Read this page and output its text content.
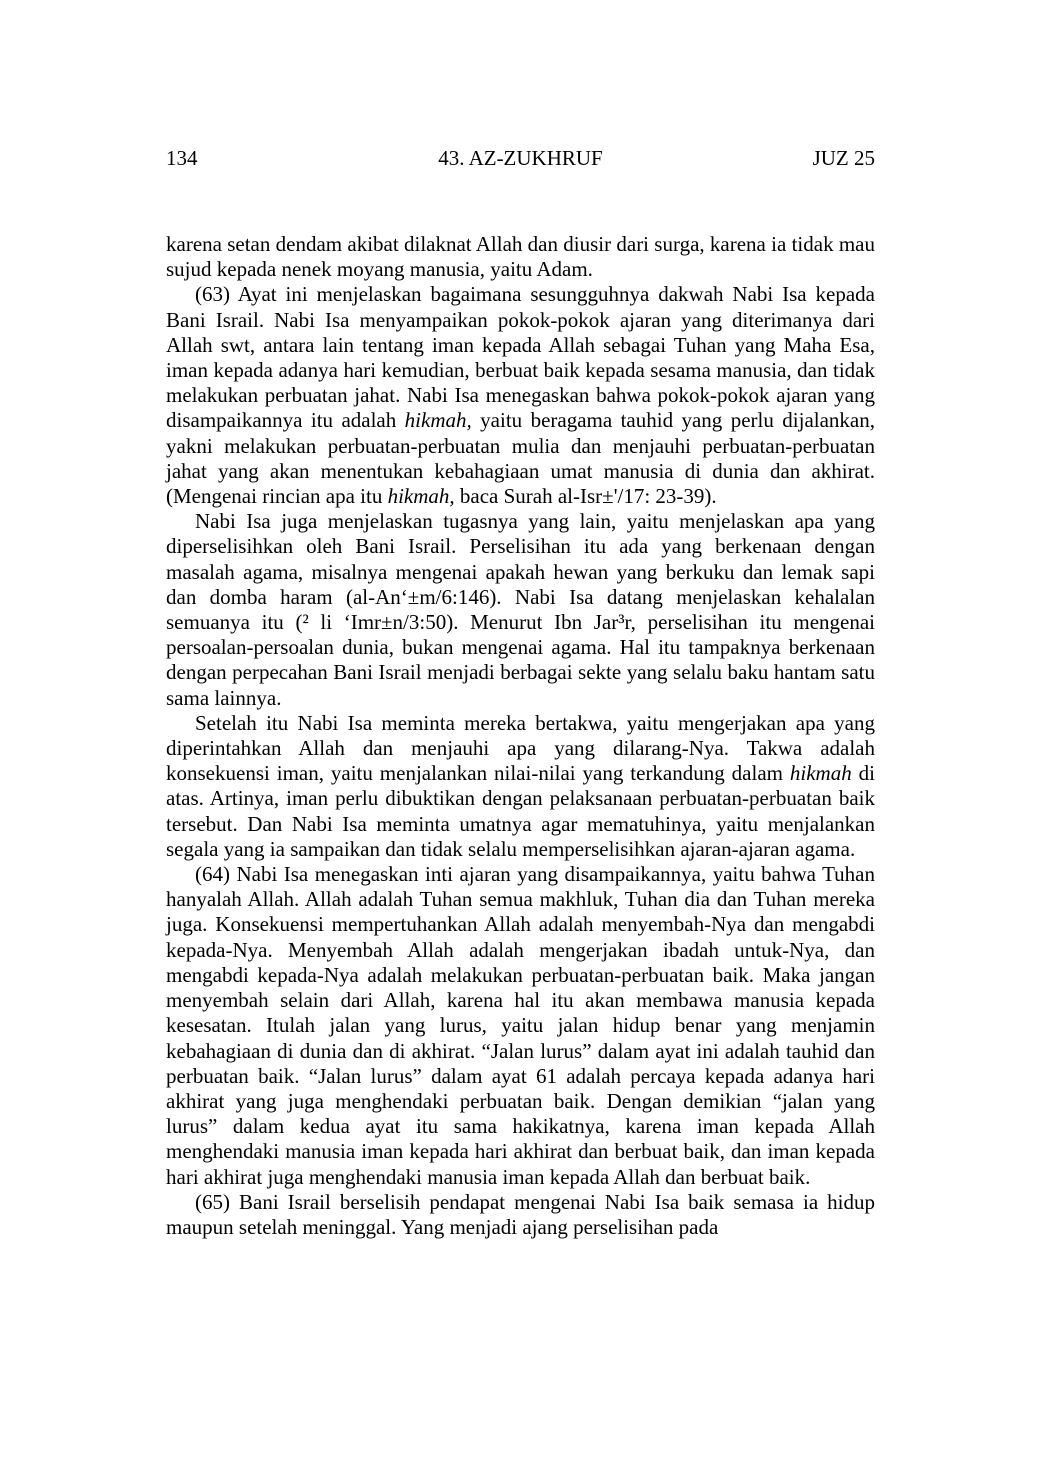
134	43. AZ-ZUKHRUF	JUZ 25

karena setan dendam akibat dilaknat Allah dan diusir dari surga, karena ia tidak mau sujud kepada nenek moyang manusia, yaitu Adam.

(63) Ayat ini menjelaskan bagaimana sesungguhnya dakwah Nabi Isa kepada Bani Israil. Nabi Isa menyampaikan pokok-pokok ajaran yang diterimanya dari Allah swt, antara lain tentang iman kepada Allah sebagai Tuhan yang Maha Esa, iman kepada adanya hari kemudian, berbuat baik kepada sesama manusia, dan tidak melakukan perbuatan jahat. Nabi Isa menegaskan bahwa pokok-pokok ajaran yang disampaikannya itu adalah hikmah, yaitu beragama tauhid yang perlu dijalankan, yakni melakukan perbuatan-perbuatan mulia dan menjauhi perbuatan-perbuatan jahat yang akan menentukan kebahagiaan umat manusia di dunia dan akhirat. (Mengenai rincian apa itu hikmah, baca Surah al-Isr±'/17: 23-39).

Nabi Isa juga menjelaskan tugasnya yang lain, yaitu menjelaskan apa yang diperselisihkan oleh Bani Israil. Perselisihan itu ada yang berkenaan dengan masalah agama, misalnya mengenai apakah hewan yang berkuku dan lemak sapi dan domba haram (al-An‘±m/6:146). Nabi Isa datang menjelaskan kehalalan semuanya itu (² li ‘Imr±n/3:50). Menurut Ibn Jar³r, perselisihan itu mengenai persoalan-persoalan dunia, bukan mengenai agama. Hal itu tampaknya berkenaan dengan perpecahan Bani Israil menjadi berbagai sekte yang selalu baku hantam satu sama lainnya.

Setelah itu Nabi Isa meminta mereka bertakwa, yaitu mengerjakan apa yang diperintahkan Allah dan menjauhi apa yang dilarang-Nya. Takwa adalah konsekuensi iman, yaitu menjalankan nilai-nilai yang terkandung dalam hikmah di atas. Artinya, iman perlu dibuktikan dengan pelaksanaan perbuatan-perbuatan baik tersebut. Dan Nabi Isa meminta umatnya agar mematuhinya, yaitu menjalankan segala yang ia sampaikan dan tidak selalu memperselisihkan ajaran-ajaran agama.

(64) Nabi Isa menegaskan inti ajaran yang disampaikannya, yaitu bahwa Tuhan hanyalah Allah. Allah adalah Tuhan semua makhluk, Tuhan dia dan Tuhan mereka juga. Konsekuensi mempertuhankan Allah adalah menyembah-Nya dan mengabdi kepada-Nya. Menyembah Allah adalah mengerjakan ibadah untuk-Nya, dan mengabdi kepada-Nya adalah melakukan perbuatan-perbuatan baik. Maka jangan menyembah selain dari Allah, karena hal itu akan membawa manusia kepada kesesatan. Itulah jalan yang lurus, yaitu jalan hidup benar yang menjamin kebahagiaan di dunia dan di akhirat. “Jalan lurus” dalam ayat ini adalah tauhid dan perbuatan baik. “Jalan lurus” dalam ayat 61 adalah percaya kepada adanya hari akhirat yang juga menghendaki perbuatan baik. Dengan demikian “jalan yang lurus” dalam kedua ayat itu sama hakikatnya, karena iman kepada Allah menghendaki manusia iman kepada hari akhirat dan berbuat baik, dan iman kepada hari akhirat juga menghendaki manusia iman kepada Allah dan berbuat baik.

(65) Bani Israil berselisih pendapat mengenai Nabi Isa baik semasa ia hidup maupun setelah meninggal. Yang menjadi ajang perselisihan pada
